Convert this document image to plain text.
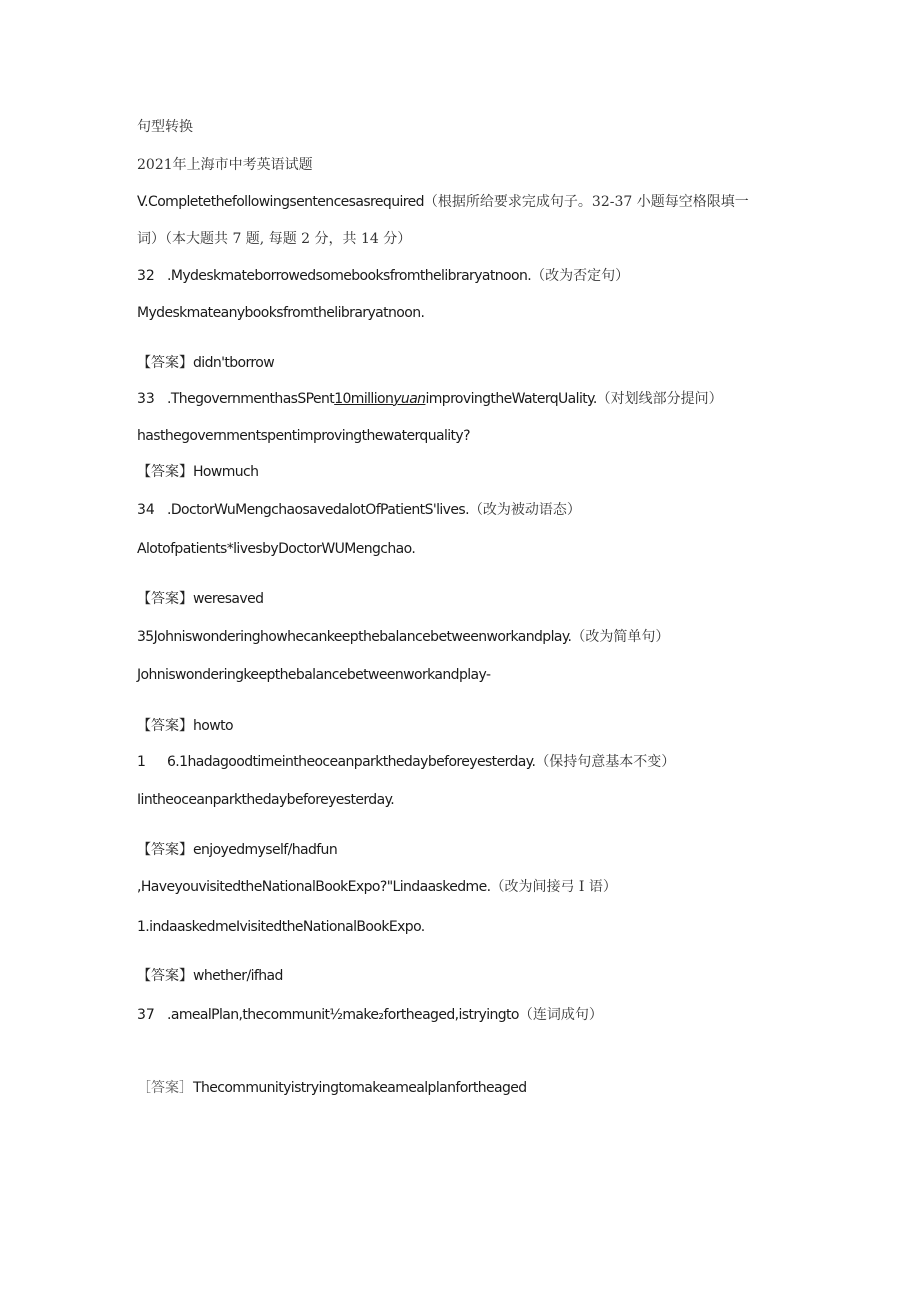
句型转换
2021年上海市中考英语试题
V.Completethefollowingsentencesasrequired（根据所给要求完成句子。32-37 小题每空格限填一
词）（本大题共 7 题, 每题 2 分，共 14 分）
32 .Mydeskmateborrowedsomebooksfromthelibraryatnoon.（改为否定句）
Mydeskmateanybooksfromthelibraryatnoon.
【答案】didn'tborrow
33 .ThegovernmenthasSPent10millionyuanimprovingtheWaterqUality.（对划线部分提问）
hasthegovernmentspentimprovingthewaterquality?
【答案】Howmuch
34 .DoctorWuMengchaosavedalotOfPatientS'lives.（改为被动语态）
Alotofpatients*livesbyDoctorWUMengchao.
【答案】weresaved
35Johniswonderinghowhecankeepthebalancebetweenworkandplay.（改为简单句）
Johniswonderingkeepthebalancebetweenworkandplay-
【答案】howto
1 6.1hadagoodtimeintheoceanparkthedaybeforeyesterday.（保持句意基本不变）
Iintheoceanparkthedaybeforeyesterday.
【答案】enjoyedmyself/hadfun
,HaveyouvisitedtheNationalBookExpo?"Lindaaskedme.（改为间接弓 I 语）
1.indaaskedmeIvisitedtheNationalBookExpo.
【答案】whether/ifhad
37 .amealPlan,thecommunit½make₂fortheaged,istryingto（连词成句）
［答案］Thecommunityistryingtomakeamealplanfortheaged
